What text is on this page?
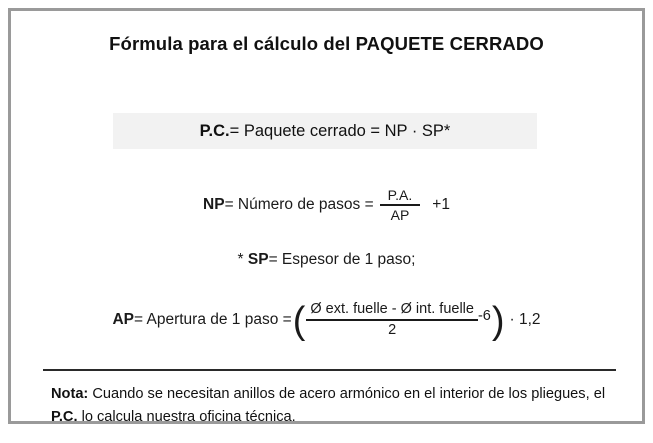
Fórmula para el cálculo del PAQUETE CERRADO
P.C.= Paquete cerrado = NP · SP*
NP= Número de pasos = $\frac{P.A.}{AP} +1$
* SP= Espesor de 1 paso;
AP= Apertura de 1 paso = ( $\frac{\text{Ø ext. fuelle - Ø int. fuelle}}{2} -6$ ) · 1,2
Nota: Cuando se necesitan anillos de acero armónico en el interior de los pliegues, el P.C. lo calcula nuestra oficina técnica.
